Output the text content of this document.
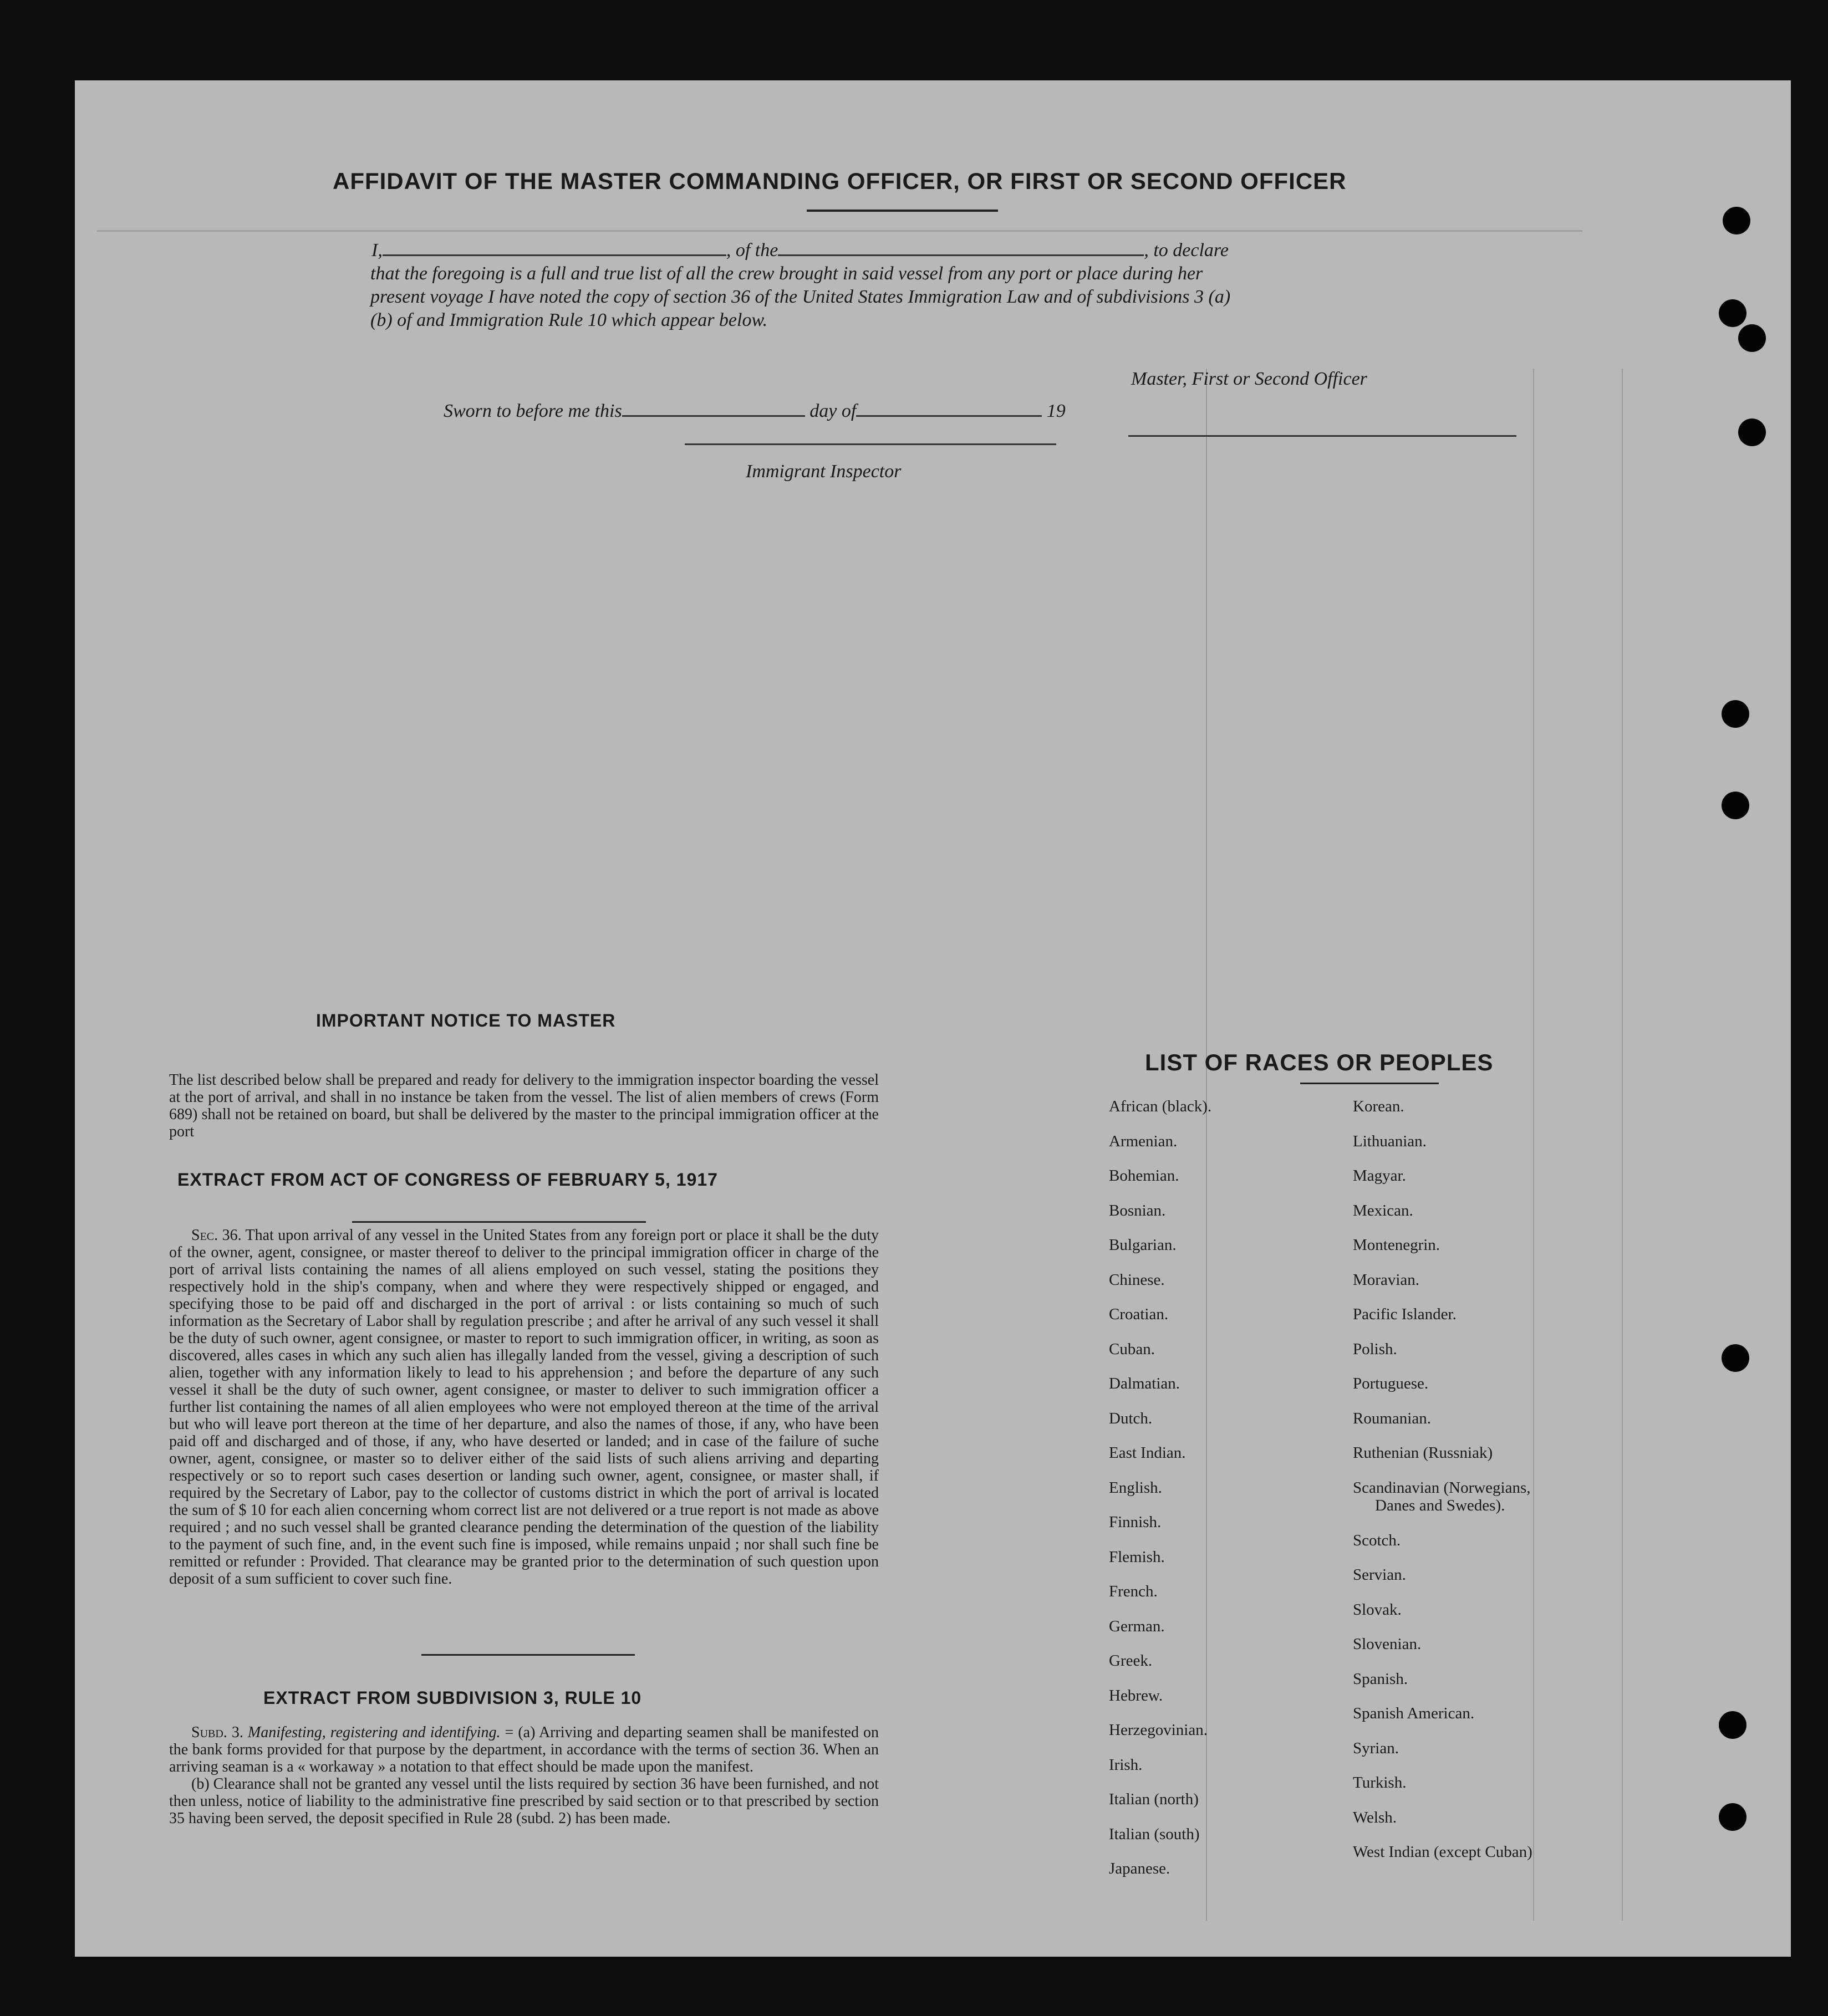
──────────────────────────────────────────────────────────────────────────────────────────────────────────────────────────────────────────────────────────────────────────────────────────
AFFIDAVIT OF THE MASTER COMMANDING OFFICER, OR FIRST OR SECOND OFFICER
I,	, of the	, to declare
that the foregoing is a full and true list of all the crew brought in said vessel from any port or place during her
present voyage I have noted the copy of section 36 of the United States Immigration Law and of subdivisions 3 (a)
(b) of and Immigration Rule 10 which appear below.
Master, First or Second Officer
Sworn to before me this	day of	19
Immigrant Inspector
IMPORTANT NOTICE TO MASTER
The list described below shall be prepared and ready for delivery to the immigration inspector boarding the vessel at the port of arrival, and shall in no instance be taken from the vessel. The list of alien members of crews (Form 689) shall not be retained on board, but shall be delivered by the master to the principal immigration officer at the port
EXTRACT FROM ACT OF CONGRESS OF FEBRUARY 5, 1917
Sec. 36. That upon arrival of any vessel in the United States from any foreign port or place it shall be the duty of the owner, agent, consignee, or master thereof to deliver to the principal immigration officer in charge of the port of arrival lists containing the names of all aliens employed on such vessel, stating the positions they respectively hold in the ship's company, when and where they were respectively shipped or engaged, and specifying those to be paid off and discharged in the port of arrival : or lists containing so much of such information as the Secretary of Labor shall by regulation prescribe ; and after he arrival of any such vessel it shall be the duty of such owner, agent consignee, or master to report to such immigration officer, in writing, as soon as discovered, alles cases in which any such alien has illegally landed from the vessel, giving a description of such alien, together with any information likely to lead to his apprehension ; and before the departure of any such vessel it shall be the duty of such owner, agent consignee, or master to deliver to such immigration officer a further list containing the names of all alien employees who were not employed thereon at the time of the arrival but who will leave port thereon at the time of her departure, and also the names of those, if any, who have been paid off and discharged and of those, if any, who have deserted or landed; and in case of the failure of suche owner, agent, consignee, or master so to deliver either of the said lists of such aliens arriving and departing respectively or so to report such cases desertion or landing such owner, agent, consignee, or master shall, if required by the Secretary of Labor, pay to the collector of customs district in which the port of arrival is located the sum of $ 10 for each alien concerning whom correct list are not delivered or a true report is not made as above required ; and no such vessel shall be granted clearance pending the determination of the question of the liability to the payment of such fine, and, in the event such fine is imposed, while remains unpaid ; nor shall such fine be remitted or refunder : Provided. That clearance may be granted prior to the determination of such question upon deposit of a sum sufficient to cover such fine.
EXTRACT FROM SUBDIVISION 3, RULE 10
Subd. 3. Manifesting, registering and identifying. = (a) Arriving and departing seamen shall be manifested on the bank forms provided for that purpose by the department, in accordance with the terms of section 36. When an arriving seaman is a « workaway » a notation to that effect should be made upon the manifest.
(b) Clearance shall not be granted any vessel until the lists required by section 36 have been furnished, and not then unless, notice of liability to the administrative fine prescribed by said section or to that prescribed by section 35 having been served, the deposit specified in Rule 28 (subd. 2) has been made.
LIST OF RACES OR PEOPLES
African (black).
Armenian.
Bohemian.
Bosnian.
Bulgarian.
Chinese.
Croatian.
Cuban.
Dalmatian.
Dutch.
East Indian.
English.
Finnish.
Flemish.
French.
German.
Greek.
Hebrew.
Herzegovinian.
Irish.
Italian (north)
Italian (south)
Japanese.
Korean.
Lithuanian.
Magyar.
Mexican.
Montenegrin.
Moravian.
Pacific Islander.
Polish.
Portuguese.
Roumanian.
Ruthenian (Russniak)
Scandinavian (Norwegians,
Danes and Swedes).
Scotch.
Servian.
Slovak.
Slovenian.
Spanish.
Spanish American.
Syrian.
Turkish.
Welsh.
West Indian (except Cuban)
